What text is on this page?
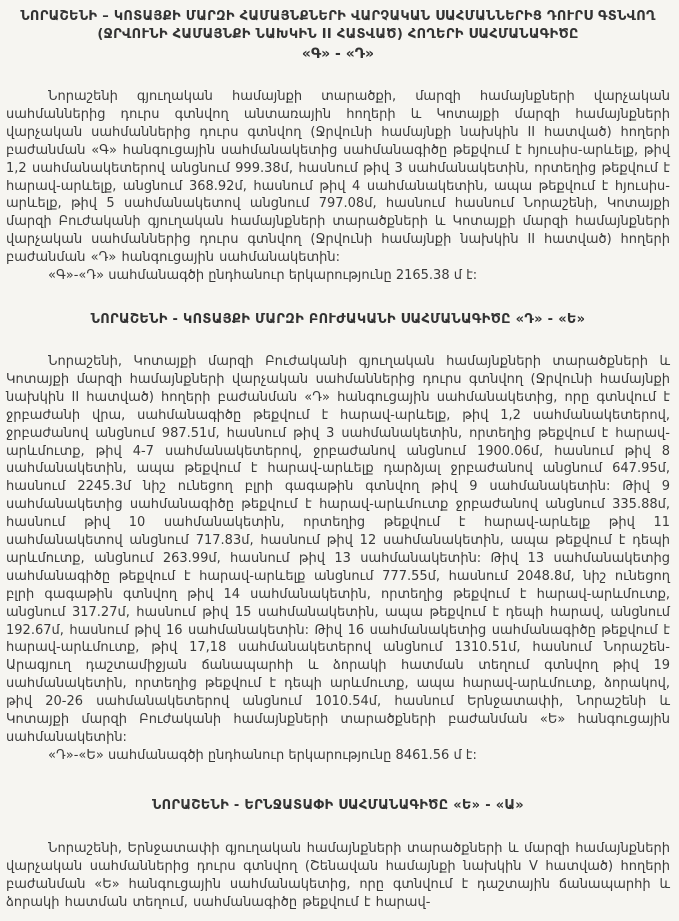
ՆՈՐԱՇԵՆԻ – ԿՈՏԱՅՔԻ ՄԱՐԶԻ ՀԱՄԱՅՆՔՆԵՐԻ ՎԱՐՉԱԿԱՆ ՍԱՀՄԱՆՆԵՐԻՑ ԴՈՒՐՍ ԳՏՆՎՈՂ (ՋՐՎՈՒՆԻ ՀԱՄԱՅՆՔԻ ՆԱԽԿԻՆ II ՀԱՏՎԱԾ) ՀՈՂԵՐԻ ՍԱՀՄԱՆԱԳԻԾԸ
«Գ» - «Դ»

Նորաշենի գյուղական համայնքի տարածքի, մարզի համայնքների վարչական սահմաններից դուրս գտնվող անտառային հողերի և Կոտայքի մարզի համայնքների վարչական սահմաններից դուրս գտնվող (Ջրվունի համայնքի նախկին II հատված) հողերի բաժանման «Գ» հանգուցային սահմանակետից սահմանագիծը թեքվում է հյուսիս-արևելք, թիվ 1,2 սահմանակետերով անցնում 999.38մ, հասնում թիվ 3 սահմանակետին, որտեղից թեքվում է հարավ-արևելք, անցնում 368.92մ, հասնում թիվ 4 սահմանակետին, ապա թեքվում է հյուսիս-արևելք, թիվ 5 սահմանակետով անցնում 797.08մ, հասնում հասնում Նորաշենի, Կոտայքի մարզի Բուժականի գյուղական համայնքների տարածքների և Կոտայքի մարզի համայնքների վարչական սահմաններից դուրս գտնվող (Ջրվունի համայնքի նախկին II հատված) հողերի բաժանման «Դ» հանգուցային սահմանակետին:

«Գ»-«Դ» սահմանագծի ընդհանուր երկարությունը 2165.38 մ է:

ՆՈՐԱՇԵՆԻ - ԿՈՏԱՅՔԻ ՄԱՐԶԻ ԲՈՒԺԱԿԱՆԻ ՍԱՀՄԱՆԱԳԻԾԸ «Դ» - «Ե»

Նորաշենի, Կոտայքի մարզի Բուժականի գյուղական համայնքների տարածքների և Կոտայքի մարզի համայնքների վարչական սահմաններից դուրս գտնվող (Ջրվունի համայնքի նախկին II հատված) հողերի բաժանման «Դ» հանգուցային սահմանակետից, որը գտնվում է ջրբաժանի վրա, սահմանագիծը թեքվում է հարավ-արևելք, թիվ 1,2 սահմանակետերով, ջրբաժանով անցնում 987.51մ, հասնում թիվ 3 սահմանակետին, որտեղից թեքվում է հարավ-արևմուտք, թիվ 4-7 սահմանակետերով, ջրբաժանով անցնում 1900.06մ, հասնում թիվ 8 սահմանակետին, ապա թեքվում է հարավ-արևելք դարձյալ ջրբաժանով անցնում 647.95մ, հասնում 2245.3մ նիշ ունեցող բլրի գագաթին գտնվող թիվ 9 սահմանակետին: Թիվ 9 սահմանակետից սահմանագիծը թեքվում է հարավ-արևմուտք ջրբաժանով անցնում 335.88մ, հասնում թիվ 10 սահմանակետին, որտեղից թեքվում է հարավ-արևելք թիվ 11 սահմանակետով անցնում 717.83մ, հասնում թիվ 12 սահմանակետին, ապա թեքվում է դեպի արևմուտք, անցնում 263.99մ, հասնում թիվ 13 սահմանակետին: Թիվ 13 սահմանակետից սահմանագիծը թեքվում է հարավ-արևելք անցնում 777.55մ, հասնում 2048.8մ, նիշ ունեցող բլրի գագաթին գտնվող թիվ 14 սահմանակետին, որտեղից թեքվում է հարավ-արևմուտք, անցնում 317.27մ, հասնում թիվ 15 սահմանակետին, ապա թեքվում է դեպի հարավ, անցնում 192.67մ, հասնում թիվ 16 սահմանակետին: Թիվ 16 սահմանակետից սահմանագիծը թեքվում է հարավ-արևմուտք, թիվ 17,18 սահմանակետերով անցնում 1310.51մ, հասնում Նորաշեն-Արագյուղ դաշտամիջյան ճանապարհի և ձորակի հատման տեղում գտնվող թիվ 19 սահմանակետին, որտեղից թեքվում է դեպի արևմուտք, ապա հարավ-արևմուտք, ձորակով, թիվ 20-26 սահմանակետերով անցնում 1010.54մ, հասնում Երնջատափի, Նորաշենի և Կոտայքի մարզի Բուժականի համայնքների տարածքների բաժանման «Ե» հանգուցային սահմանակետին:

«Դ»-«Ե» սահմանագծի ընդհանուր երկարությունը 8461.56 մ է:

ՆՈՐԱՇԵՆԻ - ԵՐՆՋԱՏԱՓԻ ՍԱՀՄԱՆԱԳԻԾԸ «Ե» - «Ա»

Նորաշենի, Երնջատափի գյուղական համայնքների տարածքների և մարզի համայնքների վարչական սահմաններից դուրս գտնվող (Շենավան համայնքի նախկին V հատված) հողերի բաժանման «Ե» հանգուցային սահմանակետից, որը գտնվում է դաշտային ճանապարհի և ձորակի հատման տեղում, սահմանագիծը թեքվում է հարավ-
